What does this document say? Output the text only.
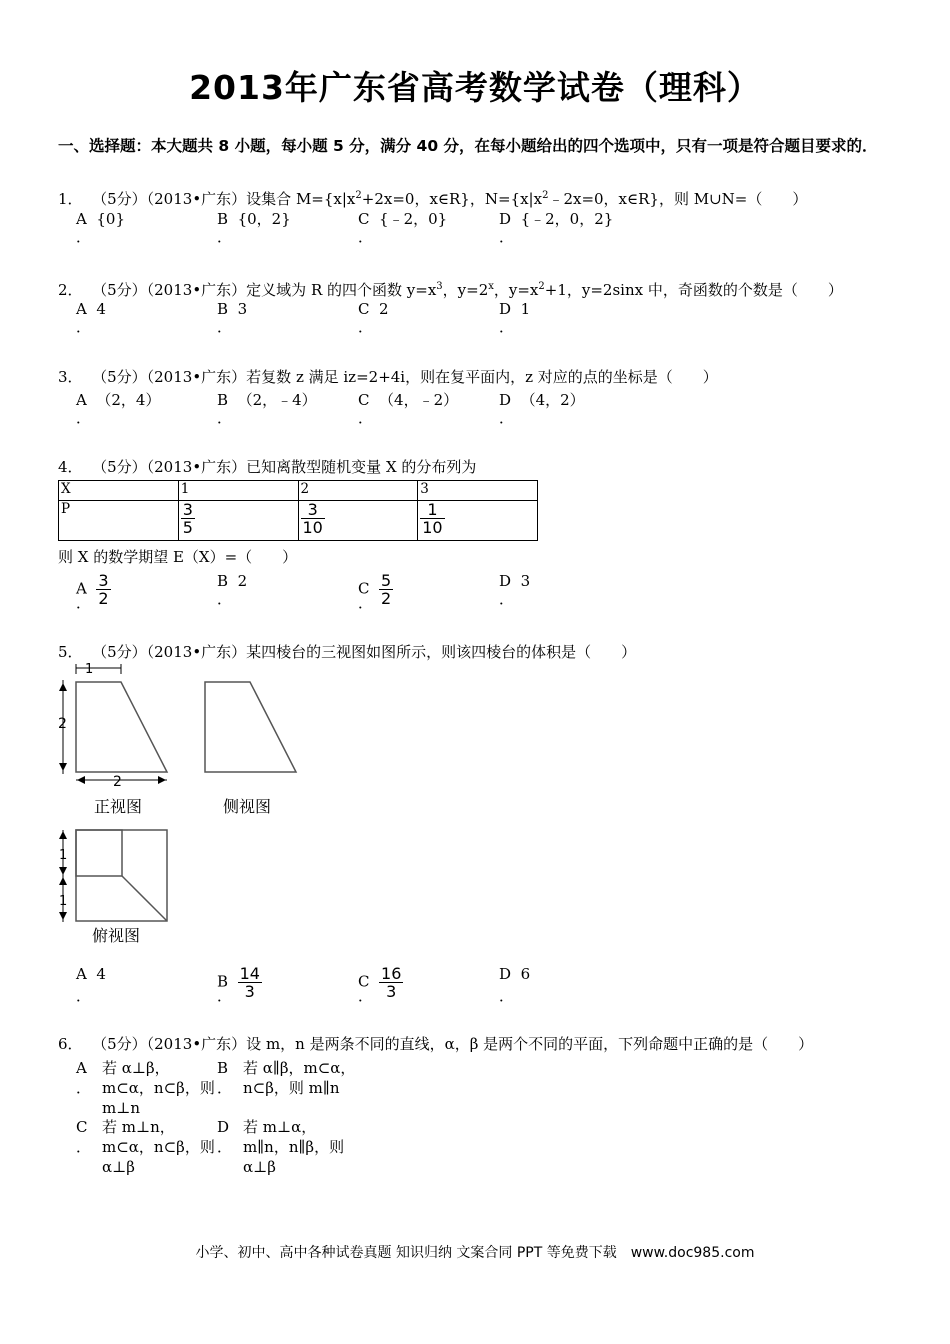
2013年广东省高考数学试卷（理科）
一、选择题：本大题共 8 小题，每小题 5 分，满分 40 分，在每小题给出的四个选项中，只有一项是符合题目要求的．
1． （5分）（2013•广东）设集合 $M=\{x|x^2+2x=0$，x∈R}，$N=\{x|x^2﹣2x=0$，x∈R}，则 M∪N=（　　）
A {0}
．
B {0，2}
．
C {﹣2，0}
．
D {﹣2，0，2}
．
2． （5分）（2013•广东）定义域为 R 的四个函数 $y=x^3$，$y=2^x$，$y=x^2+1$，y=2sinx 中，奇函数的个数是（　　）
A 4
．
B 3
．
C 2
．
D 1
．
3． （5分）（2013•广东）若复数 z 满足 iz=2+4i，则在复平面内，z 对应的点的坐标是（　　）
A （2，4）
．
B （2，﹣4）
．
C （4，﹣2）
．
D （4，2）
．
4． （5分）（2013•广东）已知离散型随机变量 X 的分布列为
X	1	2	3
P	$\frac{3}{5}$	$\frac{3}{10}$	$\frac{1}{10}$
则 X 的数学期望 E（X）=（　　）
A $\frac{3}{2}$
．
B 2
．
C $\frac{5}{2}$
．
D 3
．
5． （5分）（2013•广东）某四棱台的三视图如图所示，则该四棱台的体积是（　　）
2
1
2
正视图	侧视图
1
1
俯视图
A 4
．
B $\frac{14}{3}$
．
C $\frac{16}{3}$
．
D 6
．
6． （5分）（2013•广东）设 m，n 是两条不同的直线，α，β 是两个不同的平面，下列命题中正确的是（　　）
A
．
若 α⊥β，
m⊂α，n⊂β，则
m⊥n
B
．
若 α∥β，m⊂α，
n⊂β，则 m∥n
C
．
若 m⊥n，
m⊂α，n⊂β，则
α⊥β
D
．
若 m⊥α，
m∥n，n∥β，则
α⊥β
小学、初中、高中各种试卷真题 知识归纳 文案合同 PPT 等免费下载　www.doc985.com
